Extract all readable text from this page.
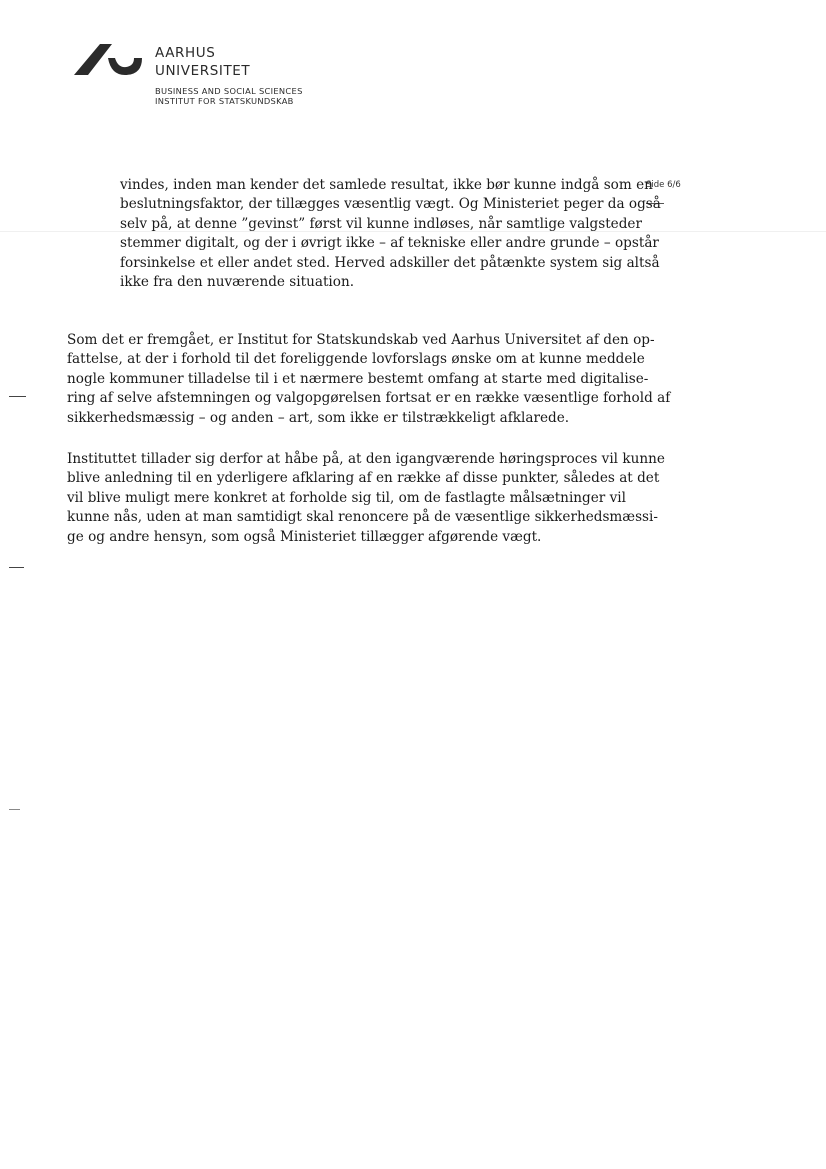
AARHUS
UNIVERSITET
BUSINESS AND SOCIAL SCIENCES
INSTITUT FOR STATSKUNDSKAB
Side 6/6

vindes, inden man kender det samlede resultat, ikke bør kunne indgå som en
beslutningsfaktor, der tillægges væsentlig vægt. Og Ministeriet peger da også
selv på, at denne ”gevinst” først vil kunne indløses, når samtlige valgsteder
stemmer digitalt, og der i øvrigt ikke – af tekniske eller andre grunde – opstår
forsinkelse et eller andet sted. Herved adskiller det påtænkte system sig altså
ikke fra den nuværende situation.

Som det er fremgået, er Institut for Statskundskab ved Aarhus Universitet af den op-
fattelse, at der i forhold til det foreliggende lovforslags ønske om at kunne meddele
nogle kommuner tilladelse til i et nærmere bestemt omfang at starte med digitalise-
ring af selve afstemningen og valgopgørelsen fortsat er en række væsentlige forhold af
sikkerhedsmæssig – og anden – art, som ikke er tilstrækkeligt afklarede.

Instituttet tillader sig derfor at håbe på, at den igangværende høringsproces vil kunne
blive anledning til en yderligere afklaring af en række af disse punkter, således at det
vil blive muligt mere konkret at forholde sig til, om de fastlagte målsætninger vil
kunne nås, uden at man samtidigt skal renoncere på de væsentlige sikkerhedsmæssi-
ge og andre hensyn, som også Ministeriet tillægger afgørende vægt.
